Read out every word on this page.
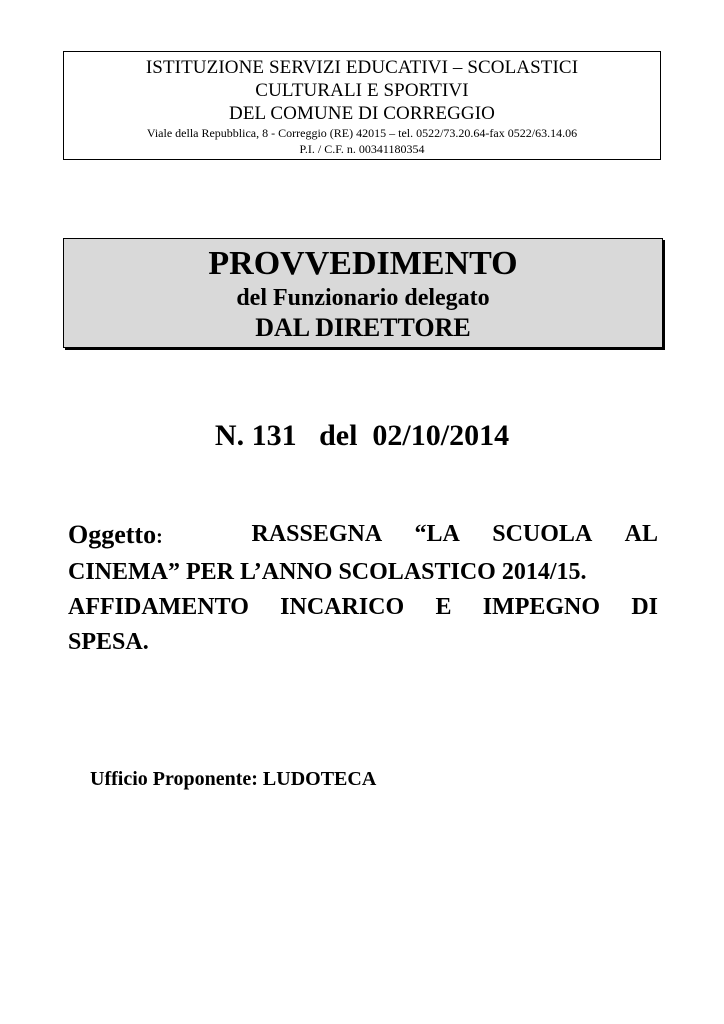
ISTITUZIONE SERVIZI EDUCATIVI – SCOLASTICI
CULTURALI E SPORTIVI
DEL COMUNE DI CORREGGIO
Viale della Repubblica, 8 - Correggio (RE) 42015 – tel. 0522/73.20.64-fax 0522/63.14.06
P.I. / C.F. n. 00341180354
PROVVEDIMENTO
del Funzionario delegato
DAL DIRETTORE
N. 131   del  02/10/2014
Oggetto:	RASSEGNA “LA SCUOLA AL
CINEMA” PER L’ANNO SCOLASTICO 2014/15.
AFFIDAMENTO INCARICO E IMPEGNO DI
SPESA.
Ufficio Proponente: LUDOTECA
